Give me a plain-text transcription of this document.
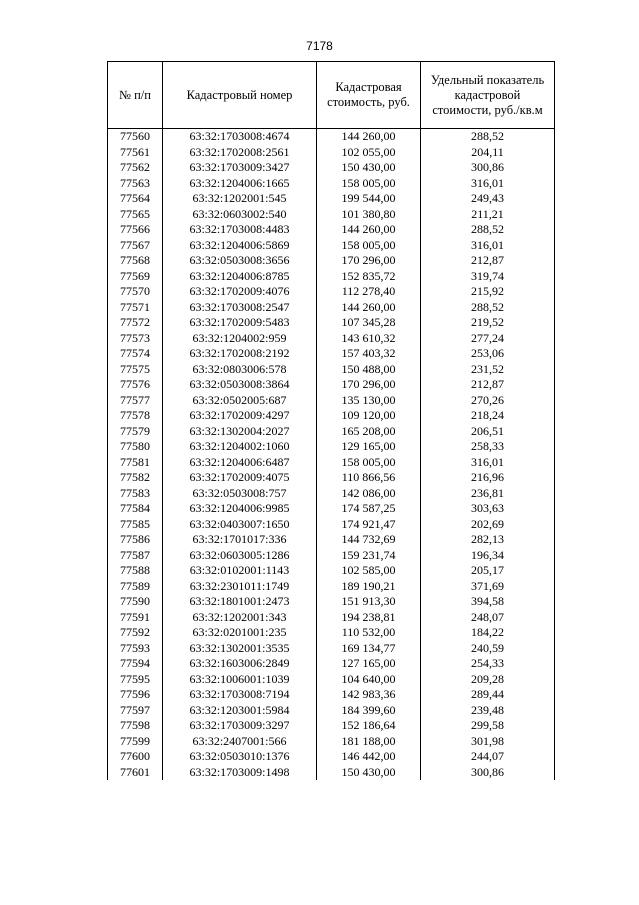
7178
№ п/п	Кадастровый номер	Кадастровая стоимость, руб.	Удельный показатель кадастровой стоимости, руб./кв.м
77560	63:32:1703008:4674	144 260,00	288,52
77561	63:32:1702008:2561	102 055,00	204,11
77562	63:32:1703009:3427	150 430,00	300,86
77563	63:32:1204006:1665	158 005,00	316,01
77564	63:32:1202001:545	199 544,00	249,43
77565	63:32:0603002:540	101 380,80	211,21
77566	63:32:1703008:4483	144 260,00	288,52
77567	63:32:1204006:5869	158 005,00	316,01
77568	63:32:0503008:3656	170 296,00	212,87
77569	63:32:1204006:8785	152 835,72	319,74
77570	63:32:1702009:4076	112 278,40	215,92
77571	63:32:1703008:2547	144 260,00	288,52
77572	63:32:1702009:5483	107 345,28	219,52
77573	63:32:1204002:959	143 610,32	277,24
77574	63:32:1702008:2192	157 403,32	253,06
77575	63:32:0803006:578	150 488,00	231,52
77576	63:32:0503008:3864	170 296,00	212,87
77577	63:32:0502005:687	135 130,00	270,26
77578	63:32:1702009:4297	109 120,00	218,24
77579	63:32:1302004:2027	165 208,00	206,51
77580	63:32:1204002:1060	129 165,00	258,33
77581	63:32:1204006:6487	158 005,00	316,01
77582	63:32:1702009:4075	110 866,56	216,96
77583	63:32:0503008:757	142 086,00	236,81
77584	63:32:1204006:9985	174 587,25	303,63
77585	63:32:0403007:1650	174 921,47	202,69
77586	63:32:1701017:336	144 732,69	282,13
77587	63:32:0603005:1286	159 231,74	196,34
77588	63:32:0102001:1143	102 585,00	205,17
77589	63:32:2301011:1749	189 190,21	371,69
77590	63:32:1801001:2473	151 913,30	394,58
77591	63:32:1202001:343	194 238,81	248,07
77592	63:32:0201001:235	110 532,00	184,22
77593	63:32:1302001:3535	169 134,77	240,59
77594	63:32:1603006:2849	127 165,00	254,33
77595	63:32:1006001:1039	104 640,00	209,28
77596	63:32:1703008:7194	142 983,36	289,44
77597	63:32:1203001:5984	184 399,60	239,48
77598	63:32:1703009:3297	152 186,64	299,58
77599	63:32:2407001:566	181 188,00	301,98
77600	63:32:0503010:1376	146 442,00	244,07
77601	63:32:1703009:1498	150 430,00	300,86
